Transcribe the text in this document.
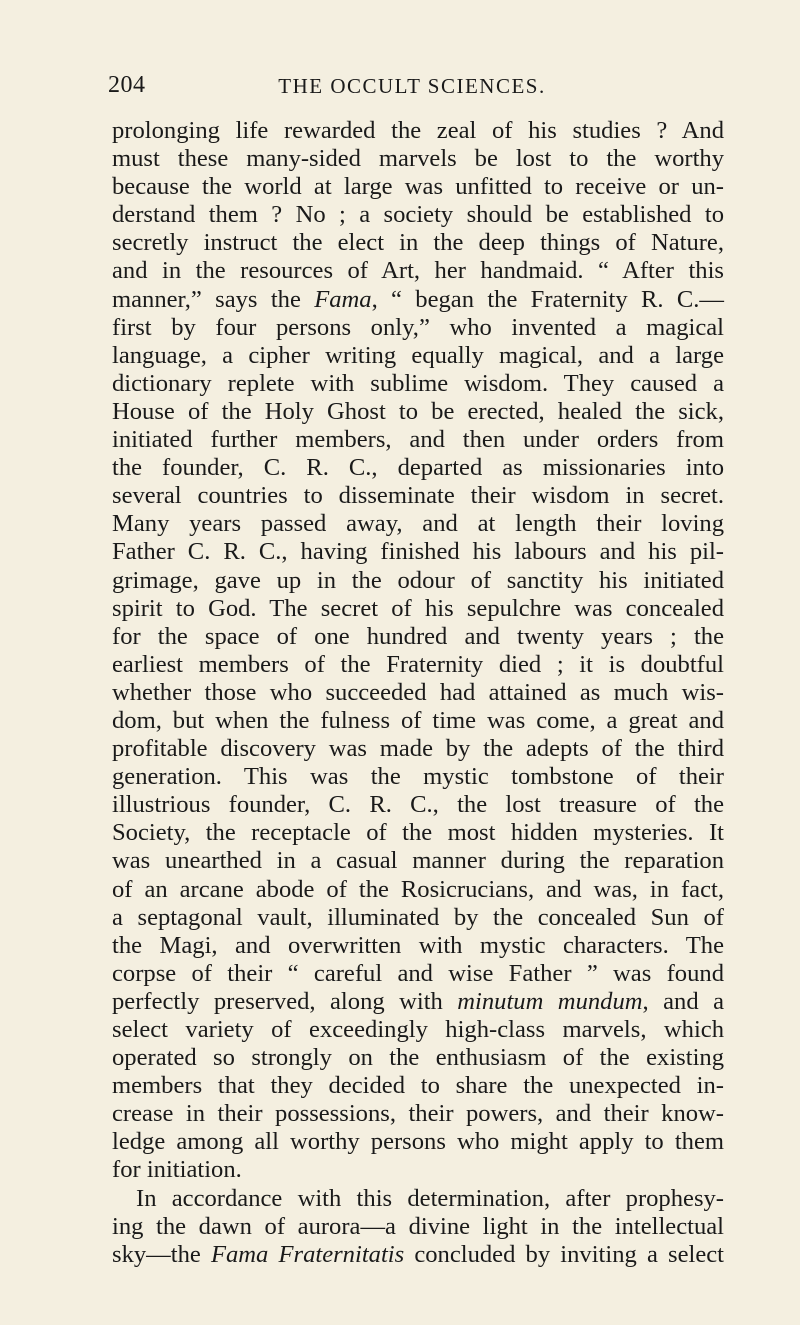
204	THE OCCULT SCIENCES.
prolonging life rewarded the zeal of his studies ? And
must these many-sided marvels be lost to the worthy
because the world at large was unfitted to receive or un-
derstand them ? No ; a society should be established to
secretly instruct the elect in the deep things of Nature,
and in the resources of Art, her handmaid. “ After this
manner,” says the Fama, “ began the Fraternity R. C.—
first by four persons only,” who invented a magical
language, a cipher writing equally magical, and a large
dictionary replete with sublime wisdom. They caused a
House of the Holy Ghost to be erected, healed the sick,
initiated further members, and then under orders from
the founder, C. R. C., departed as missionaries into
several countries to disseminate their wisdom in secret.
Many years passed away, and at length their loving
Father C. R. C., having finished his labours and his pil-
grimage, gave up in the odour of sanctity his initiated
spirit to God. The secret of his sepulchre was concealed
for the space of one hundred and twenty years ; the
earliest members of the Fraternity died ; it is doubtful
whether those who succeeded had attained as much wis-
dom, but when the fulness of time was come, a great and
profitable discovery was made by the adepts of the third
generation. This was the mystic tombstone of their
illustrious founder, C. R. C., the lost treasure of the
Society, the receptacle of the most hidden mysteries. It
was unearthed in a casual manner during the reparation
of an arcane abode of the Rosicrucians, and was, in fact,
a septagonal vault, illuminated by the concealed Sun of
the Magi, and overwritten with mystic characters. The
corpse of their “ careful and wise Father ” was found
perfectly preserved, along with minutum mundum, and a
select variety of exceedingly high-class marvels, which
operated so strongly on the enthusiasm of the existing
members that they decided to share the unexpected in-
crease in their possessions, their powers, and their know-
ledge among all worthy persons who might apply to them
for initiation.
In accordance with this determination, after prophesy-
ing the dawn of aurora—a divine light in the intellectual
sky—the Fama Fraternitatis concluded by inviting a select
